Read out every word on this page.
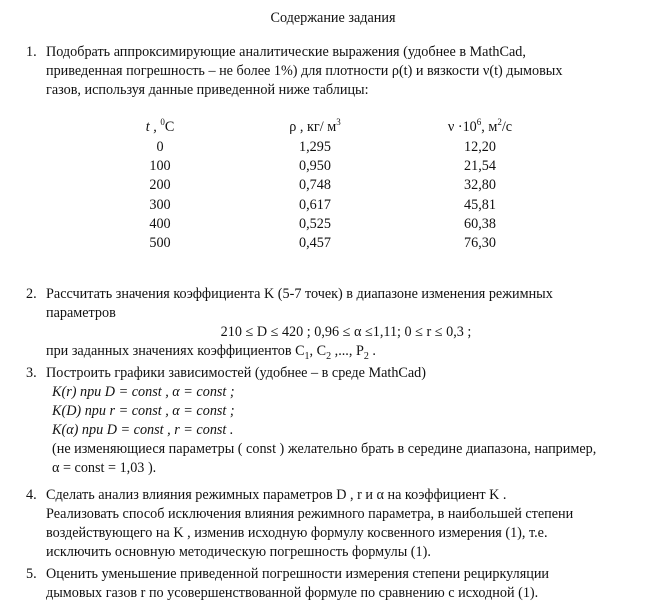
Содержание задания
1. Подобрать аппроксимирующие аналитические выражения (удобнее в MathCad,
приведенная погрешность – не более 1%) для плотности ρ(t) и вязкости ν(t) дымовых
газов, используя данные приведенной ниже таблицы:
t , $^0$С	ρ , кг/ $м^3$	$\nu \cdot 10^6$, $м^2/с$
0	1,295	12,20
100	0,950	21,54
200	0,748	32,80
300	0,617	45,81
400	0,525	60,38
500	0,457	76,30
2. Рассчитать значения коэффициента K (5-7 точек) в диапазоне изменения режимных
параметров
210 ≤ D ≤ 420 ; 0,96 ≤ α ≤1,11; 0 ≤ r ≤ 0,3 ;
при заданных значениях коэффициентов $C_1$, $C_2$ ,..., $P_2$ .
3. Построить графики зависимостей (удобнее – в среде MathCad)
K(r) при D = const , α = const ;
K(D) при r = const , α = const ;
K(α) при D = const , r = const .
(не изменяющиеся параметры ( const ) желательно брать в середине диапазона, например,
α = const = 1,03 ).
4. Сделать анализ влияния режимных параметров D , r и α на коэффициент K .
Реализовать способ исключения влияния режимного параметра, в наибольшей степени
воздействующего на K , изменив исходную формулу косвенного измерения (1), т.е.
исключить основную методическую погрешность формулы (1).
5. Оценить уменьшение приведенной погрешности измерения степени рециркуляции
дымовых газов r по усовершенствованной формуле по сравнению с исходной (1).
